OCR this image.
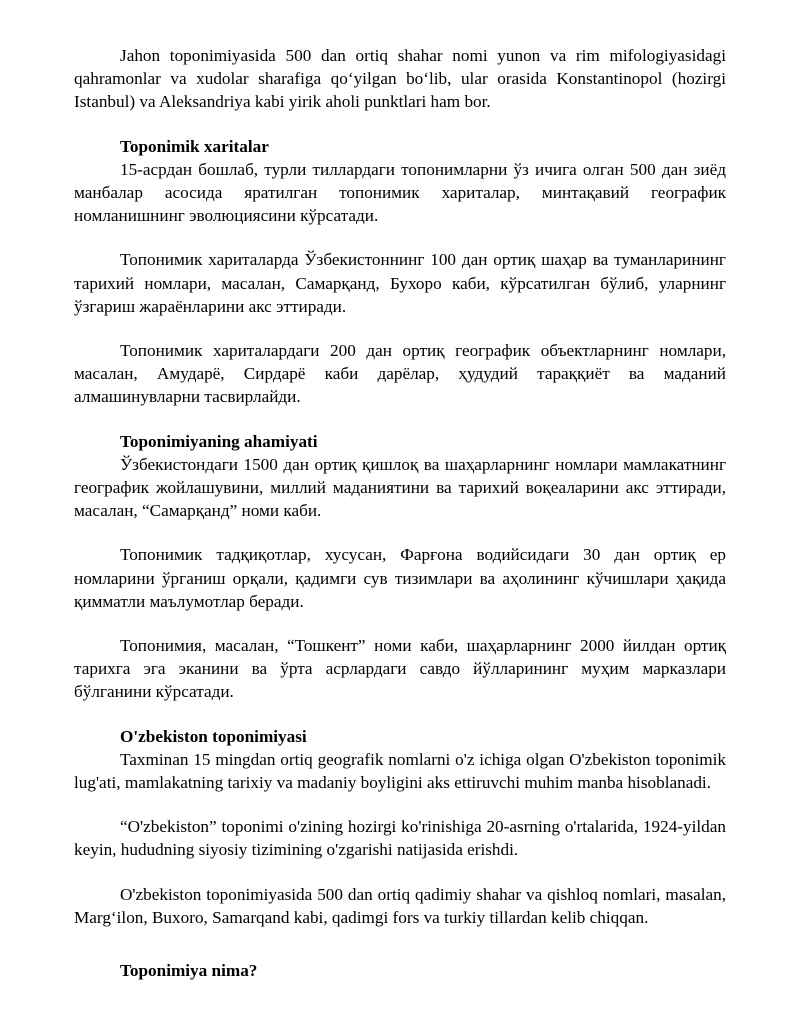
Jahon toponimiyasida 500 dan ortiq shahar nomi yunon va rim mifologiyasidagi qahramonlar va xudolar sharafiga qo‘yilgan bo‘lib, ular orasida Konstantinopol (hozirgi Istanbul) va Aleksandriya kabi yirik aholi punktlari ham bor.

Toponimik xaritalar

15-асрдан бошлаб, турли тиллардаги топонимларни ўз ичига олган 500 дан зиёд манбалар асосида яратилган топонимик хариталар, минтақавий географик номланишнинг эволюциясини кўрсатади.

Топонимик хариталарда Ўзбекистоннинг 100 дан ортиқ шаҳар ва туманларининг тарихий номлари, масалан, Самарқанд, Бухоро каби, кўрсатилган бўлиб, уларнинг ўзгариш жараёнларини акс эттиради.

Топонимик хариталардаги 200 дан ортиқ географик объектларнинг номлари, масалан, Амударё, Сирдарё каби дарёлар, ҳудудий тараққиёт ва маданий алмашинувларни тасвирлайди.

Toponimiyaning ahamiyati

Ўзбекистондаги 1500 дан ортиқ қишлоқ ва шаҳарларнинг номлари мамлакатнинг географик жойлашувини, миллий маданиятини ва тарихий воқеаларини акс эттиради, масалан, “Самарқанд” номи каби.

Топонимик тадқиқотлар, хусусан, Фарғона водийсидаги 30 дан ортиқ ер номларини ўрганиш орқали, қадимги сув тизимлари ва аҳолининг кўчишлари ҳақида қимматли маълумотлар беради.

Топонимия, масалан, “Тошкент” номи каби, шаҳарларнинг 2000 йилдан ортиқ тарихга эга эканини ва ўрта асрлардаги савдо йўлларининг муҳим марказлари бўлганини кўрсатади.

O'zbekiston toponimiyasi

Taxminan 15 mingdan ortiq geografik nomlarni o'z ichiga olgan O'zbekiston toponimik lug'ati, mamlakatning tarixiy va madaniy boyligini aks ettiruvchi muhim manba hisoblanadi.

“O'zbekiston” toponimi o'zining hozirgi ko'rinishiga 20-asrning o'rtalarida, 1924-yildan keyin, hududning siyosiy tizimining o'zgarishi natijasida erishdi.

O'zbekiston toponimiyasida 500 dan ortiq qadimiy shahar va qishloq nomlari, masalan, Marg‘ilon, Buxoro, Samarqand kabi, qadimgi fors va turkiy tillardan kelib chiqqan.

Toponimiya nima?
